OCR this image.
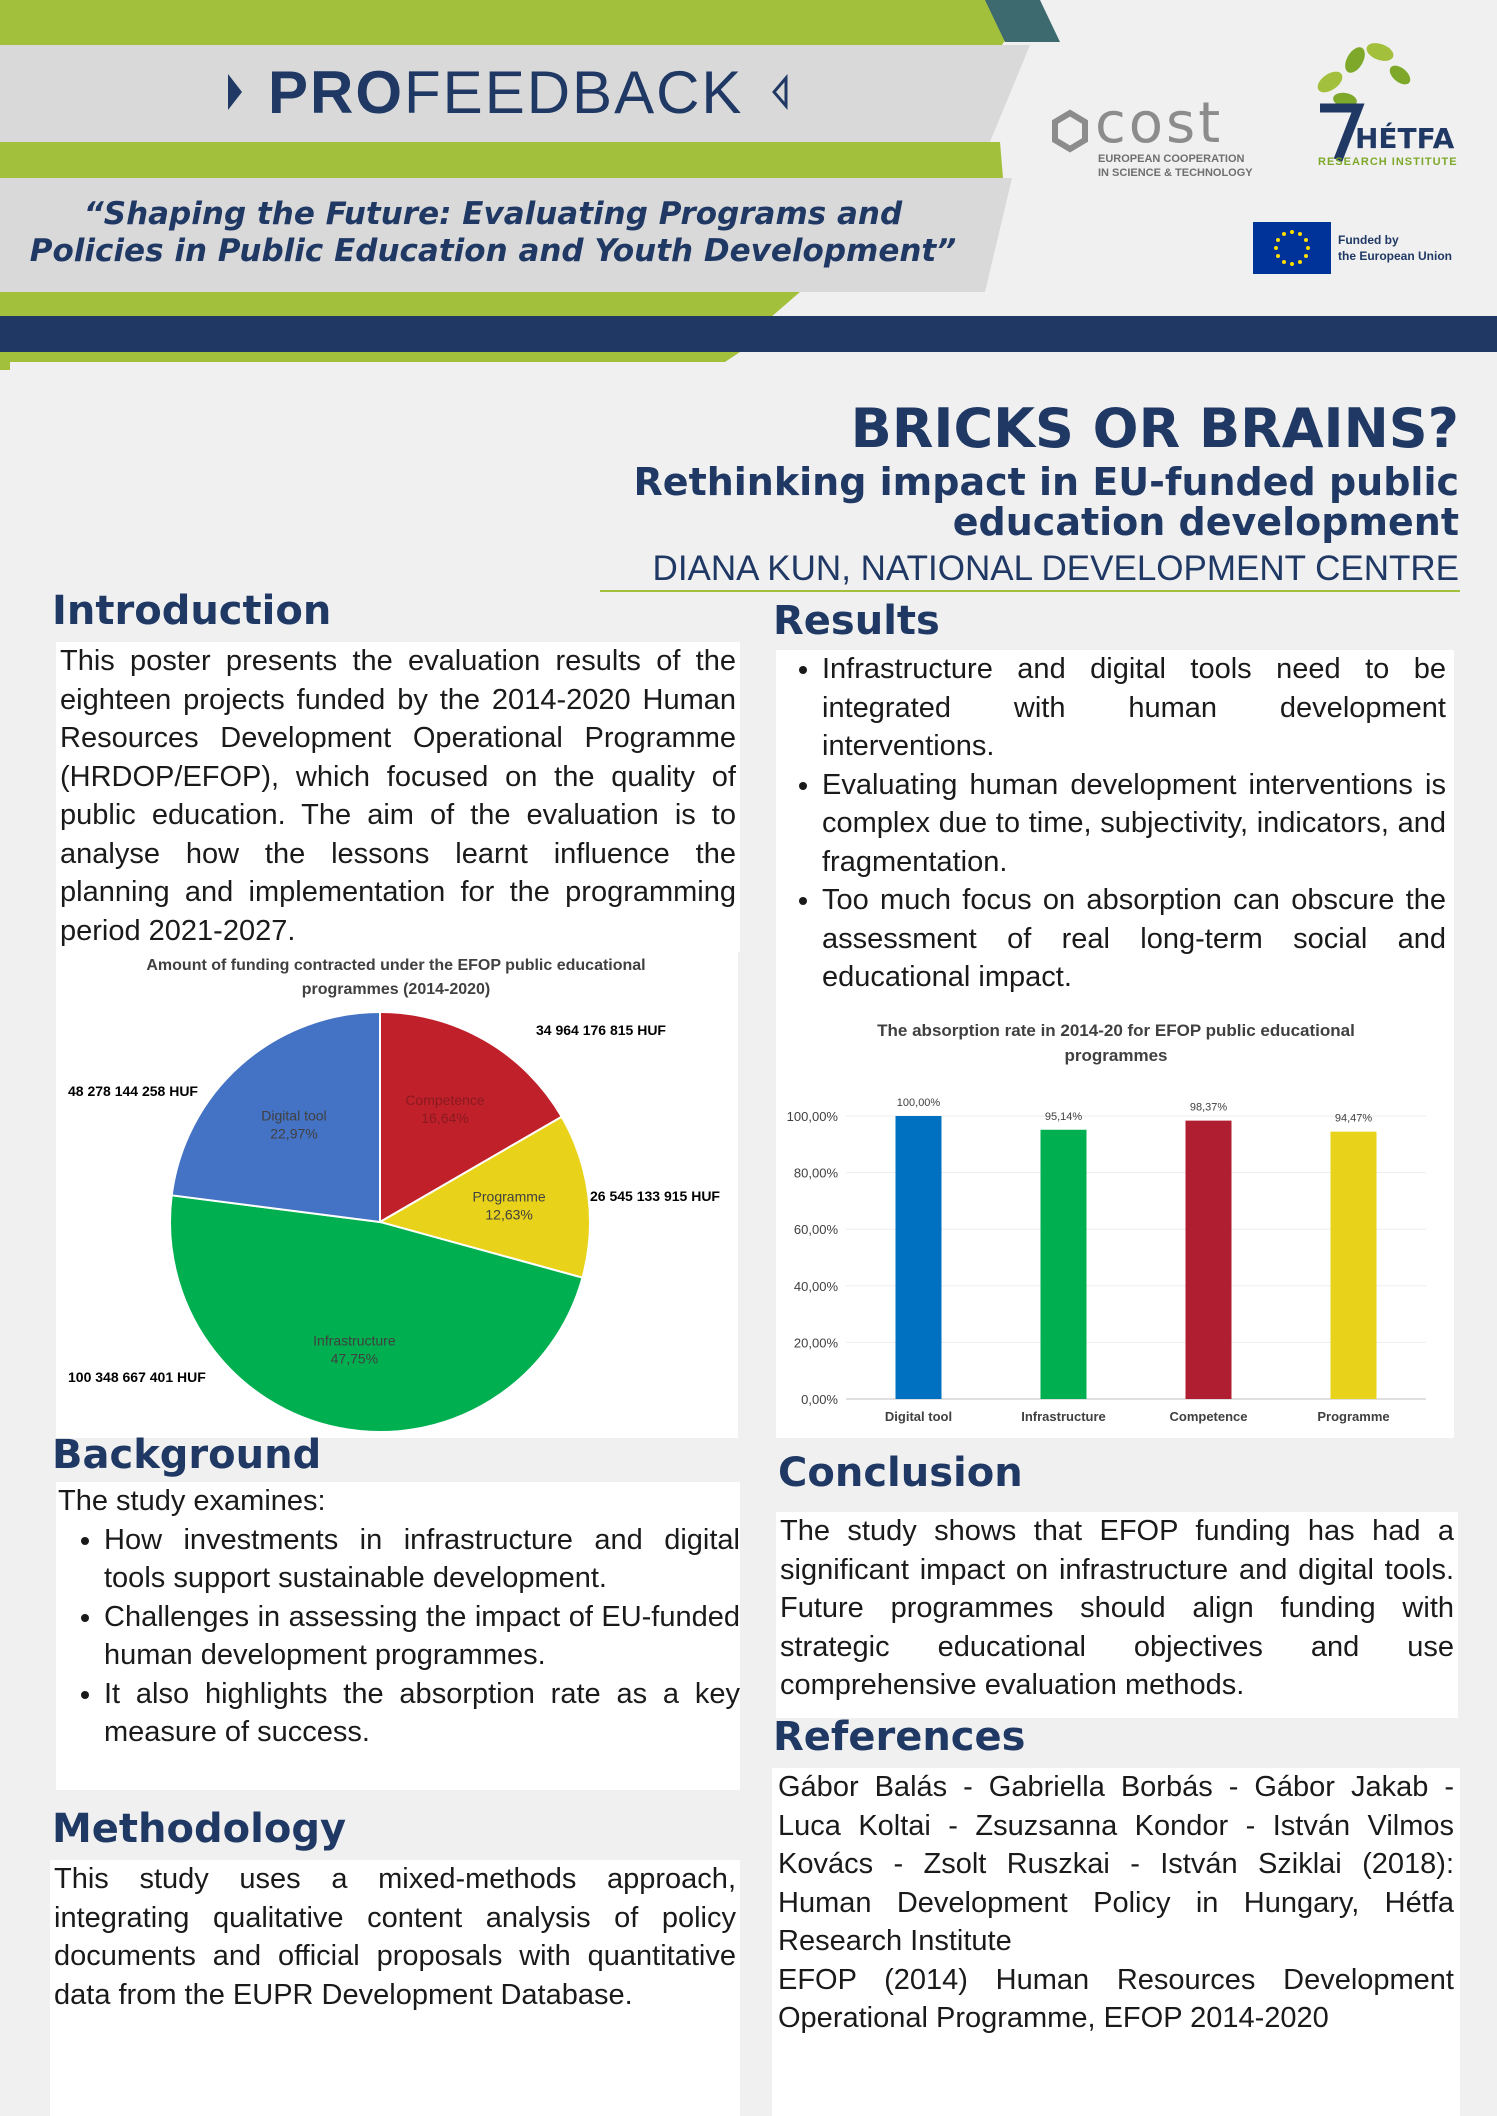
PROFEEDBACK
“Shaping the Future: Evaluating Programs and
Policies in Public Education and Youth Development”
cost
EUROPEAN COOPERATION
IN SCIENCE & TECHNOLOGY
HÉTFA
RESEARCH INSTITUTE
Funded by
the European Union
BRICKS OR BRAINS?
Rethinking impact in EU-funded public
education development
DIANA KUN, NATIONAL DEVELOPMENT CENTRE
Introduction
This poster presents the evaluation results of the eighteen projects funded by the 2014-2020 Human Resources Development Operational Programme (HRDOP/EFOP), which focused on the quality of public education. The aim of the evaluation is to analyse how the lessons learnt influence the planning and implementation for the programming period 2021-2027.
Amount of funding contracted under the EFOP public educational programmes (2014-2020)
Competence
16,64%
34 964 176 815 HUF
Programme
12,63%
26 545 133 915 HUF
Infrastructure
47,75%
100 348 667 401 HUF
Digital tool
22,97%
48 278 144 258 HUF
Results
• Infrastructure and digital tools need to be integrated with human development interventions.
• Evaluating human development interventions is complex due to time, subjectivity, indicators, and fragmentation.
• Too much focus on absorption can obscure the assessment of real long-term social and educational impact.
The absorption rate in 2014-20 for EFOP public educational programmes
0,00%
20,00%
40,00%
60,00%
80,00%
100,00%
100,00%
Digital tool
95,14%
Infrastructure
98,37%
Competence
94,47%
Programme
Background
The study examines:
• How investments in infrastructure and digital tools support sustainable development.
• Challenges in assessing the impact of EU-funded human development programmes.
• It also highlights the absorption rate as a key measure of success.
Methodology
This study uses a mixed-methods approach, integrating qualitative content analysis of policy documents and official proposals with quantitative data from the EUPR Development Database.
Conclusion
The study shows that EFOP funding has had a significant impact on infrastructure and digital tools. Future programmes should align funding with strategic educational objectives and use comprehensive evaluation methods.
References
Gábor Balás - Gabriella Borbás - Gábor Jakab - Luca Koltai - Zsuzsanna Kondor - István Vilmos Kovács - Zsolt Ruszkai - István Sziklai (2018): Human Development Policy in Hungary, Hétfa Research Institute
EFOP (2014) Human Resources Development Operational Programme, EFOP 2014-2020
